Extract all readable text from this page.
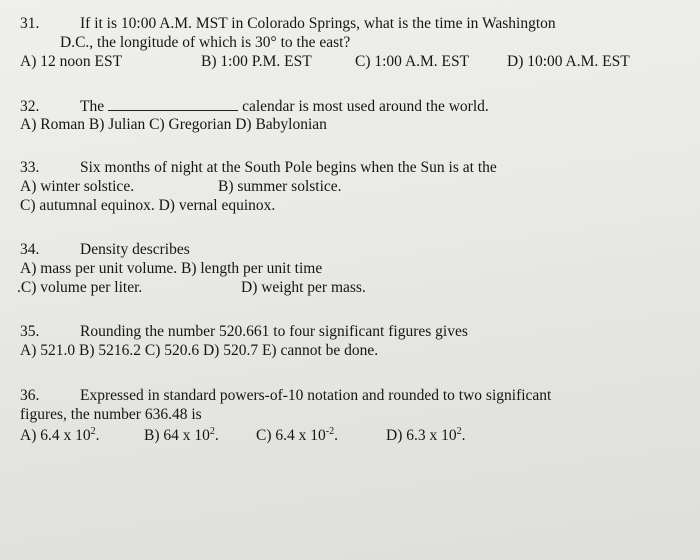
31.	If it is 10:00 A.M. MST in Colorado Springs, what is the time in Washington
D.C., the longitude of which is 30° to the east?
A) 12 noon EST	B) 1:00 P.M. EST	C) 1:00 A.M. EST D) 10:00 A.M. EST
32.	The	calendar is most used around the world.
A) Roman B) Julian C) Gregorian D) Babylonian
33.	Six months of night at the South Pole begins when the Sun is at the
A) winter solstice.	B) summer solstice.
C) autumnal equinox. D) vernal equinox.
34.	Density describes
A) mass per unit volume. B) length per unit time
.C) volume per liter.	D) weight per mass.
35.	Rounding the number 520.661 to four significant figures gives
A) 521.0 B) 5216.2 C) 520.6 D) 520.7 E) cannot be done.
36.	Expressed in standard powers-of-10 notation and rounded to two significant
figures, the number 636.48 is
A) 6.4 x $10^2$.	B) 64 x $10^2$. C) 6.4 x $10^{-2}$.	D) 6.3 x $10^2$.
